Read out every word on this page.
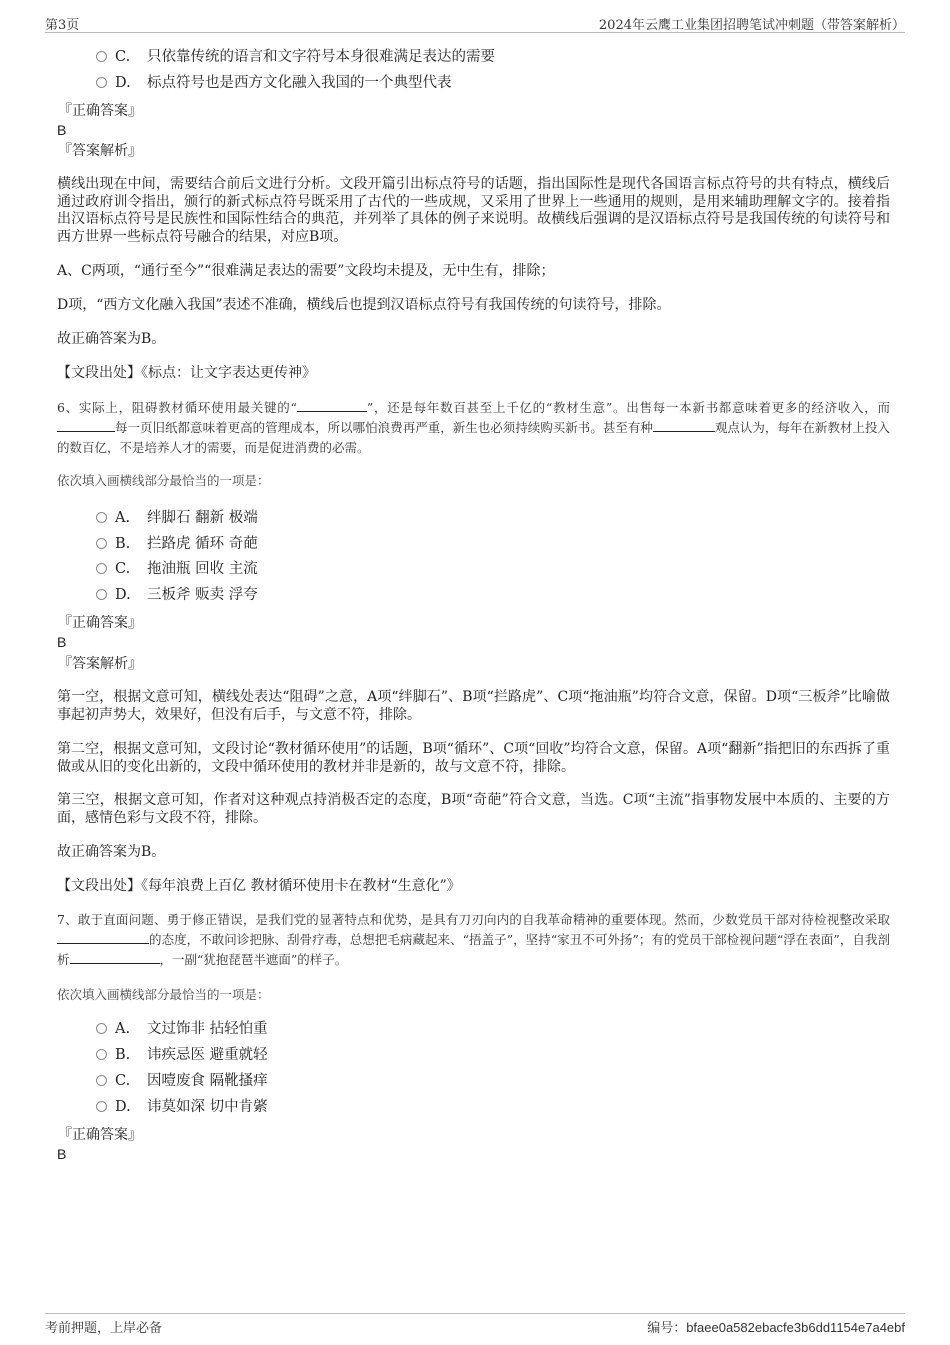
第3页	2024年云鹰工业集团招聘笔试冲刺题（带答案解析）
C. 只依靠传统的语言和文字符号本身很难满足表达的需要
D. 标点符号也是西方文化融入我国的一个典型代表
『正确答案』
B
『答案解析』
横线出现在中间，需要结合前后文进行分析。文段开篇引出标点符号的话题，指出国际性是现代各国语言标点符号的共有特点，横线后通过政府训令指出，颁行的新式标点符号既采用了古代的一些成规，又采用了世界上一些通用的规则，是用来辅助理解文字的。接着指出汉语标点符号是民族性和国际性结合的典范，并列举了具体的例子来说明。故横线后强调的是汉语标点符号是我国传统的句读符号和西方世界一些标点符号融合的结果，对应B项。
A、C两项，“通行至今”“很难满足表达的需要”文段均未提及，无中生有，排除；
D项，“西方文化融入我国”表述不准确，横线后也提到汉语标点符号有我国传统的句读符号，排除。
故正确答案为B。
【文段出处】《标点：让文字表达更传神》
6、实际上，阻碍教材循环使用最关键的“	”，还是每年数百甚至上千亿的“教材生意”。出售每一本新书都意味着更多的经济收入，而每一页旧纸都意味着更高的管理成本，所以哪怕浪费再严重，新生也必须持续购买新书。甚至有种	观点认为，每年在新教材上投入的数百亿，不是培养人才的需要，而是促进消费的必需。
依次填入画横线部分最恰当的一项是：
A. 绊脚石 翻新 极端
B. 拦路虎 循环 奇葩
C. 拖油瓶 回收 主流
D. 三板斧 贩卖 浮夸
『正确答案』
B
『答案解析』
第一空，根据文意可知，横线处表达“阻碍”之意，A项“绊脚石”、B项“拦路虎”、C项“拖油瓶”均符合文意，保留。D项“三板斧”比喻做事起初声势大，效果好，但没有后手，与文意不符，排除。
第二空，根据文意可知，文段讨论“教材循环使用”的话题，B项“循环”、C项“回收”均符合文意，保留。A项“翻新”指把旧的东西拆了重做或从旧的变化出新的，文段中循环使用的教材并非是新的，故与文意不符，排除。
第三空，根据文意可知，作者对这种观点持消极否定的态度，B项“奇葩”符合文意，当选。C项“主流”指事物发展中本质的、主要的方面，感情色彩与文段不符，排除。
故正确答案为B。
【文段出处】《每年浪费上百亿 教材循环使用卡在教材“生意化”》
7、敢于直面问题、勇于修正错误，是我们党的显著特点和优势，是具有刀刃向内的自我革命精神的重要体现。然而，少数党员干部对待检视整改采取的态度，不敢问诊把脉、刮骨疗毒，总想把毛病藏起来、“捂盖子”，坚持“家丑不可外扬”；有的党员干部检视问题“浮在表面”，自我剖析	，一副“犹抱琵琶半遮面”的样子。
依次填入画横线部分最恰当的一项是：
A. 文过饰非 拈轻怕重
B. 讳疾忌医 避重就轻
C. 因噎废食 隔靴搔痒
D. 讳莫如深 切中肯綮
『正确答案』
B
考前押题，上岸必备	编号：bfaee0a582ebacfe3b6dd1154e7a4ebf
